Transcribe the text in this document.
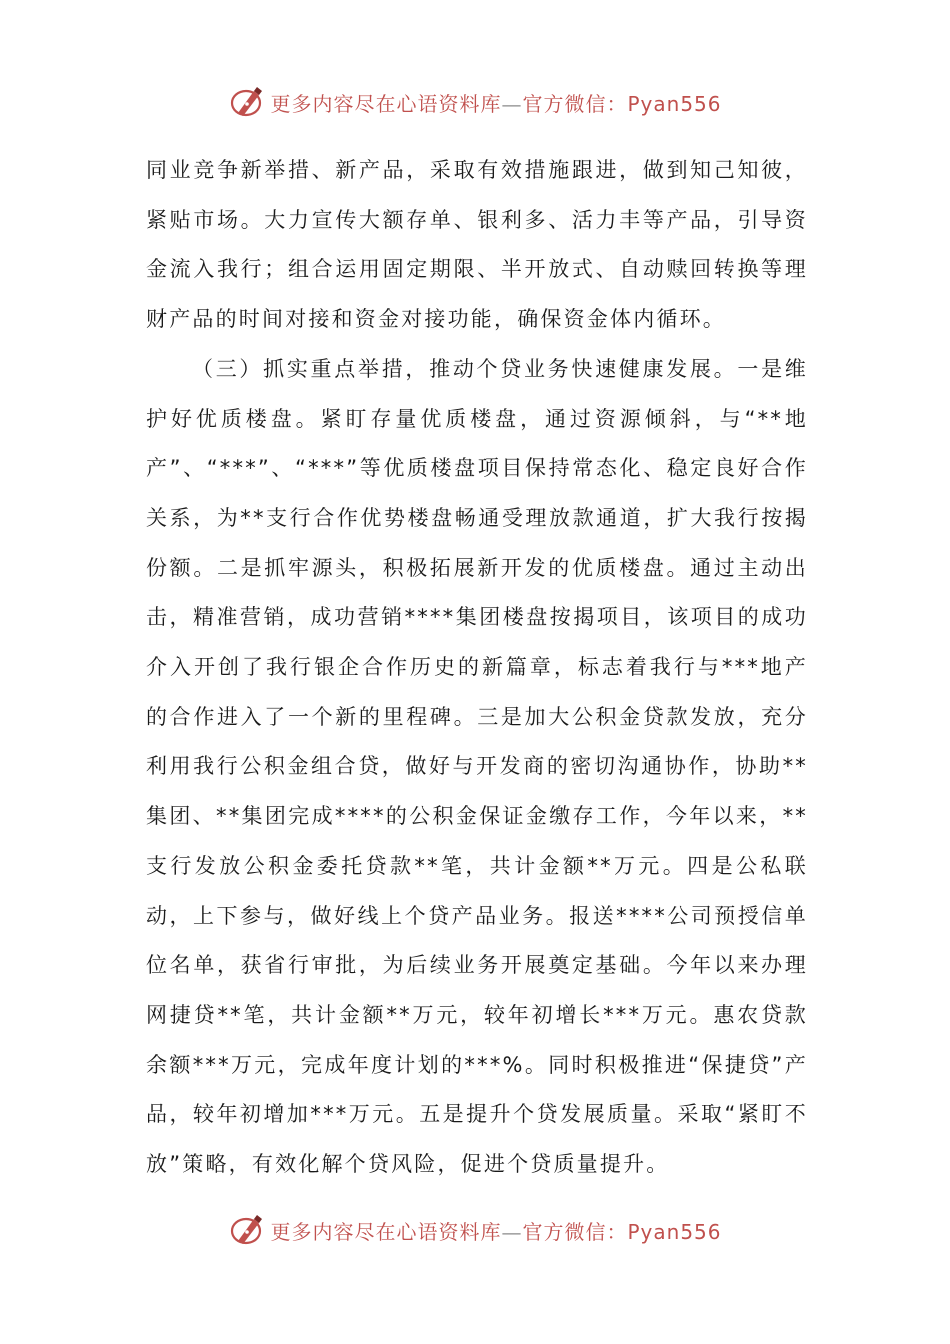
更多内容尽在心语资料库—官方微信：Pyan556

同业竞争新举措、新产品，采取有效措施跟进，做到知己知彼，紧贴市场。大力宣传大额存单、银利多、活力丰等产品，引导资金流入我行；组合运用固定期限、半开放式、自动赎回转换等理财产品的时间对接和资金对接功能，确保资金体内循环。

（三）抓实重点举措，推动个贷业务快速健康发展。一是维护好优质楼盘。紧盯存量优质楼盘，通过资源倾斜，与“**地产”、“***”、“***”等优质楼盘项目保持常态化、稳定良好合作关系，为**支行合作优势楼盘畅通受理放款通道，扩大我行按揭份额。二是抓牢源头，积极拓展新开发的优质楼盘。通过主动出击，精准营销，成功营销****集团楼盘按揭项目，该项目的成功介入开创了我行银企合作历史的新篇章，标志着我行与***地产的合作进入了一个新的里程碑。三是加大公积金贷款发放，充分利用我行公积金组合贷，做好与开发商的密切沟通协作，协助**集团、**集团完成****的公积金保证金缴存工作，今年以来，**支行发放公积金委托贷款**笔，共计金额**万元。四是公私联动，上下参与，做好线上个贷产品业务。报送****公司预授信单位名单，获省行审批，为后续业务开展奠定基础。今年以来办理网捷贷**笔，共计金额**万元，较年初增长***万元。惠农贷款余额***万元，完成年度计划的***%。同时积极推进“保捷贷”产品，较年初增加***万元。五是提升个贷发展质量。采取“紧盯不放”策略，有效化解个贷风险，促进个贷质量提升。

更多内容尽在心语资料库—官方微信：Pyan556
